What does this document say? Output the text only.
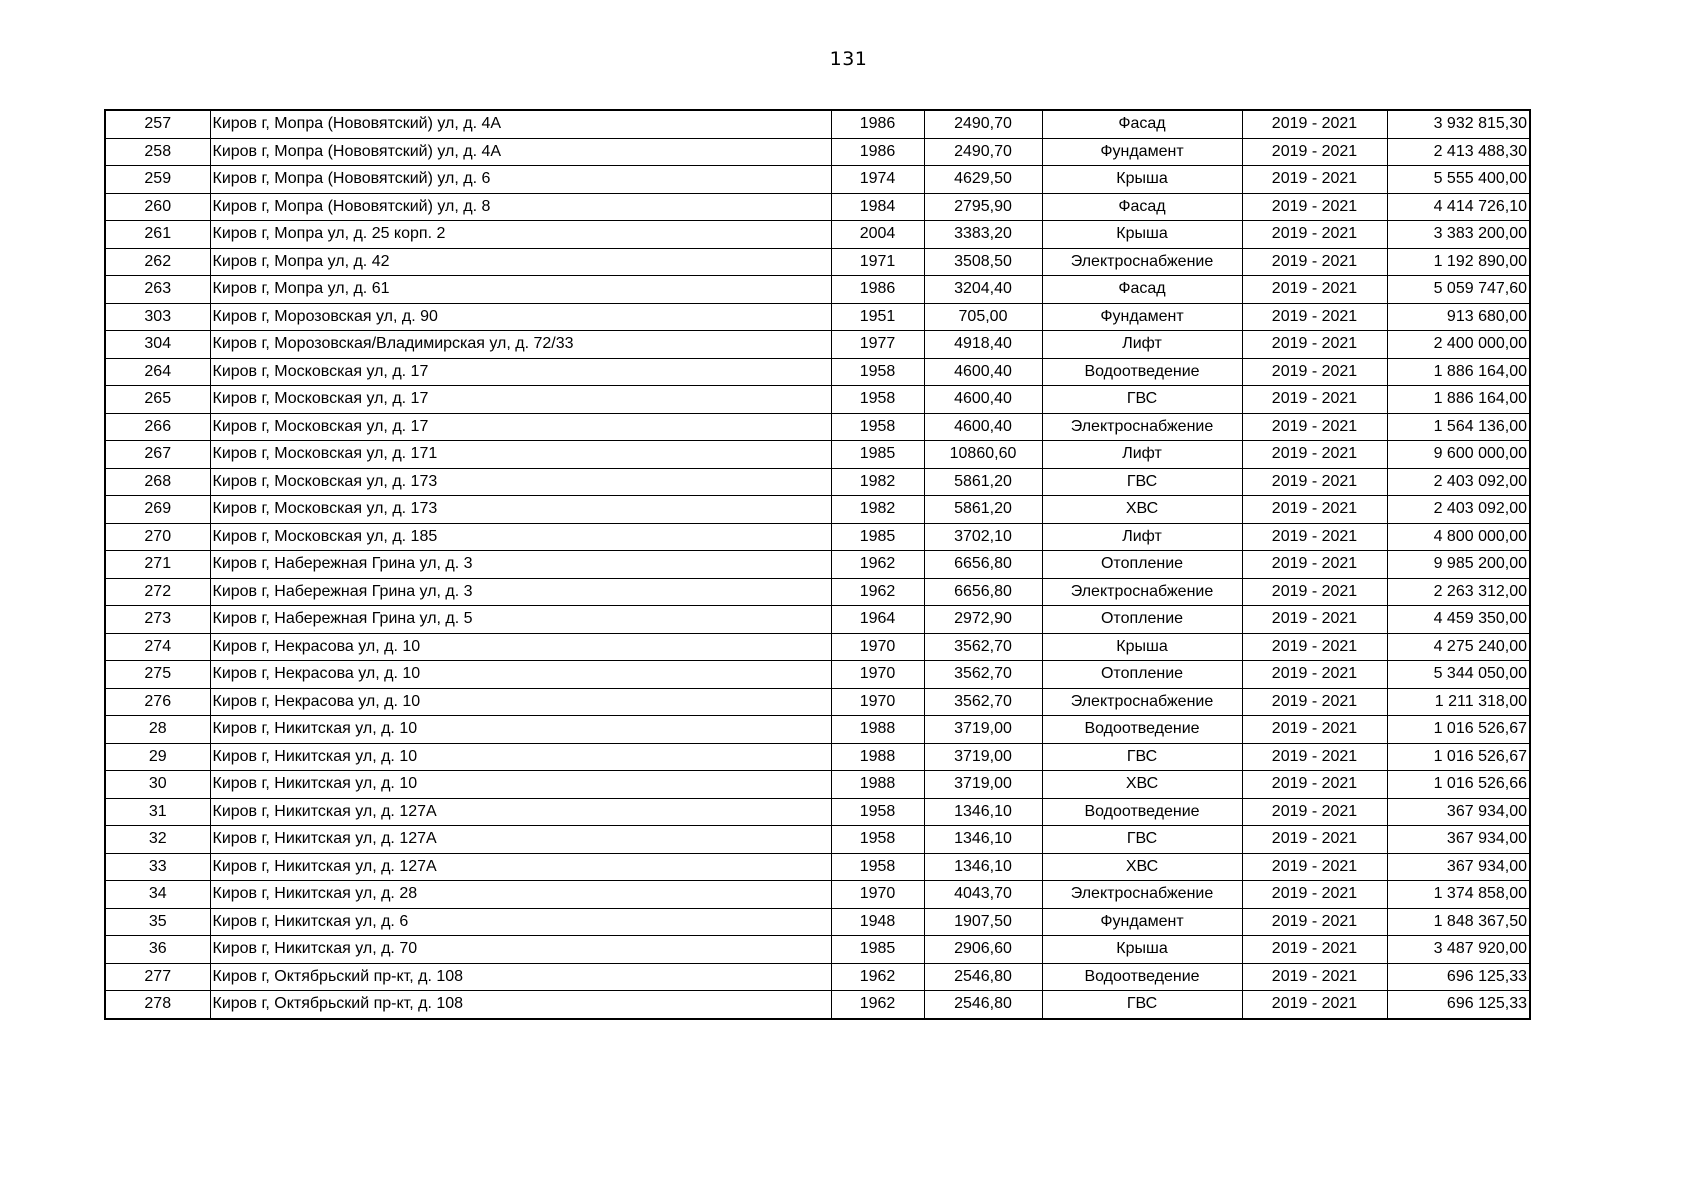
131
257	Киров г, Мопра (Нововятский) ул, д. 4А	1986	2490,70	Фасад	2019 - 2021	3 932 815,30
258	Киров г, Мопра (Нововятский) ул, д. 4А	1986	2490,70	Фундамент	2019 - 2021	2 413 488,30
259	Киров г, Мопра (Нововятский) ул, д. 6	1974	4629,50	Крыша	2019 - 2021	5 555 400,00
260	Киров г, Мопра (Нововятский) ул, д. 8	1984	2795,90	Фасад	2019 - 2021	4 414 726,10
261	Киров г, Мопра ул, д. 25 корп. 2	2004	3383,20	Крыша	2019 - 2021	3 383 200,00
262	Киров г, Мопра ул, д. 42	1971	3508,50	Электроснабжение	2019 - 2021	1 192 890,00
263	Киров г, Мопра ул, д. 61	1986	3204,40	Фасад	2019 - 2021	5 059 747,60
303	Киров г, Морозовская ул, д. 90	1951	705,00	Фундамент	2019 - 2021	913 680,00
304	Киров г, Морозовская/Владимирская ул, д. 72/33	1977	4918,40	Лифт	2019 - 2021	2 400 000,00
264	Киров г, Московская ул, д. 17	1958	4600,40	Водоотведение	2019 - 2021	1 886 164,00
265	Киров г, Московская ул, д. 17	1958	4600,40	ГВС	2019 - 2021	1 886 164,00
266	Киров г, Московская ул, д. 17	1958	4600,40	Электроснабжение	2019 - 2021	1 564 136,00
267	Киров г, Московская ул, д. 171	1985	10860,60	Лифт	2019 - 2021	9 600 000,00
268	Киров г, Московская ул, д. 173	1982	5861,20	ГВС	2019 - 2021	2 403 092,00
269	Киров г, Московская ул, д. 173	1982	5861,20	ХВС	2019 - 2021	2 403 092,00
270	Киров г, Московская ул, д. 185	1985	3702,10	Лифт	2019 - 2021	4 800 000,00
271	Киров г, Набережная Грина ул, д. 3	1962	6656,80	Отопление	2019 - 2021	9 985 200,00
272	Киров г, Набережная Грина ул, д. 3	1962	6656,80	Электроснабжение	2019 - 2021	2 263 312,00
273	Киров г, Набережная Грина ул, д. 5	1964	2972,90	Отопление	2019 - 2021	4 459 350,00
274	Киров г, Некрасова ул, д. 10	1970	3562,70	Крыша	2019 - 2021	4 275 240,00
275	Киров г, Некрасова ул, д. 10	1970	3562,70	Отопление	2019 - 2021	5 344 050,00
276	Киров г, Некрасова ул, д. 10	1970	3562,70	Электроснабжение	2019 - 2021	1 211 318,00
28	Киров г, Никитская ул, д. 10	1988	3719,00	Водоотведение	2019 - 2021	1 016 526,67
29	Киров г, Никитская ул, д. 10	1988	3719,00	ГВС	2019 - 2021	1 016 526,67
30	Киров г, Никитская ул, д. 10	1988	3719,00	ХВС	2019 - 2021	1 016 526,66
31	Киров г, Никитская ул, д. 127А	1958	1346,10	Водоотведение	2019 - 2021	367 934,00
32	Киров г, Никитская ул, д. 127А	1958	1346,10	ГВС	2019 - 2021	367 934,00
33	Киров г, Никитская ул, д. 127А	1958	1346,10	ХВС	2019 - 2021	367 934,00
34	Киров г, Никитская ул, д. 28	1970	4043,70	Электроснабжение	2019 - 2021	1 374 858,00
35	Киров г, Никитская ул, д. 6	1948	1907,50	Фундамент	2019 - 2021	1 848 367,50
36	Киров г, Никитская ул, д. 70	1985	2906,60	Крыша	2019 - 2021	3 487 920,00
277	Киров г, Октябрьский пр-кт, д. 108	1962	2546,80	Водоотведение	2019 - 2021	696 125,33
278	Киров г, Октябрьский пр-кт, д. 108	1962	2546,80	ГВС	2019 - 2021	696 125,33
